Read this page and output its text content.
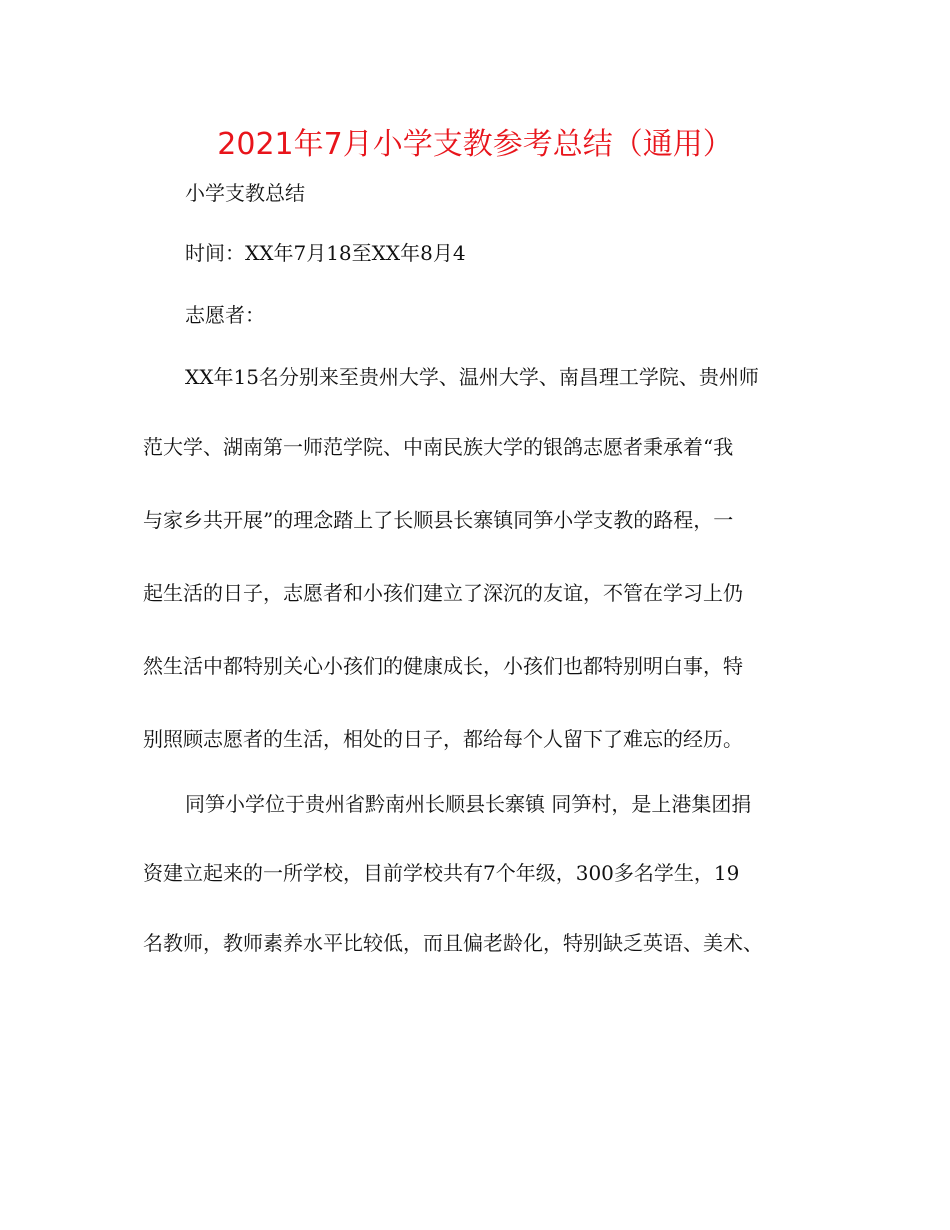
2021年7月小学支教参考总结（通用）
小学支教总结
时间：XX年7月18至XX年8月4
志愿者：
XX年15名分别来至贵州大学、温州大学、南昌理工学院、贵州师
范大学、湖南第一师范学院、中南民族大学的银鸽志愿者秉承着“我
与家乡共开展”的理念踏上了长顺县长寨镇同笋小学支教的路程，一
起生活的日子，志愿者和小孩们建立了深沉的友谊，不管在学习上仍
然生活中都特别关心小孩们的健康成长，小孩们也都特别明白事，特
别照顾志愿者的生活，相处的日子，都给每个人留下了难忘的经历。
同笋小学位于贵州省黔南州长顺县长寨镇 同笋村，是上港集团捐
资建立起来的一所学校，目前学校共有7个年级，300多名学生，19
名教师，教师素养水平比较低，而且偏老龄化，特别缺乏英语、美术、
